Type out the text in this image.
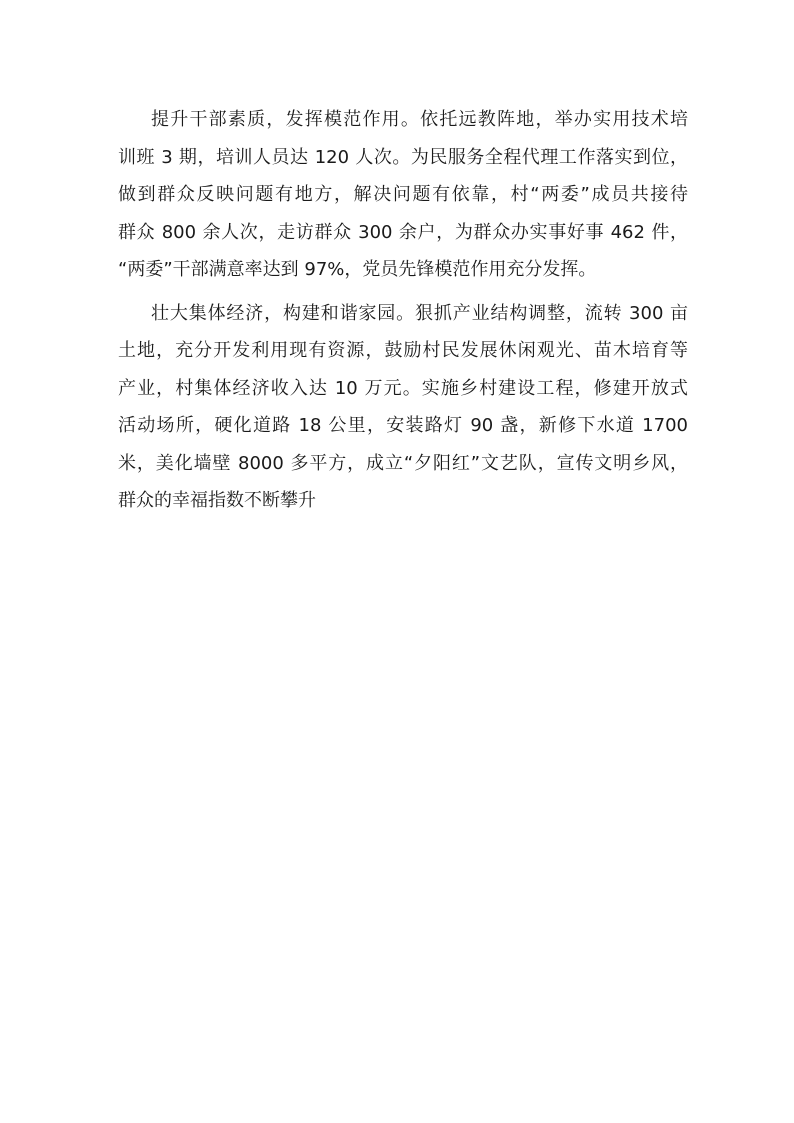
提升干部素质，发挥模范作用。依托远教阵地，举办实用技术培
训班 3 期，培训人员达 120 人次。为民服务全程代理工作落实到位，
做到群众反映问题有地方，解决问题有依靠，村“两委”成员共接待
群众 800 余人次，走访群众 300 余户，为群众办实事好事 462 件，
“两委”干部满意率达到 97%，党员先锋模范作用充分发挥。

壮大集体经济，构建和谐家园。狠抓产业结构调整，流转 300 亩
土地，充分开发利用现有资源，鼓励村民发展休闲观光、苗木培育等
产业，村集体经济收入达 10 万元。实施乡村建设工程，修建开放式
活动场所，硬化道路 18 公里，安装路灯 90 盏，新修下水道 1700
米，美化墙壁 8000 多平方，成立“夕阳红”文艺队，宣传文明乡风，
群众的幸福指数不断攀升
